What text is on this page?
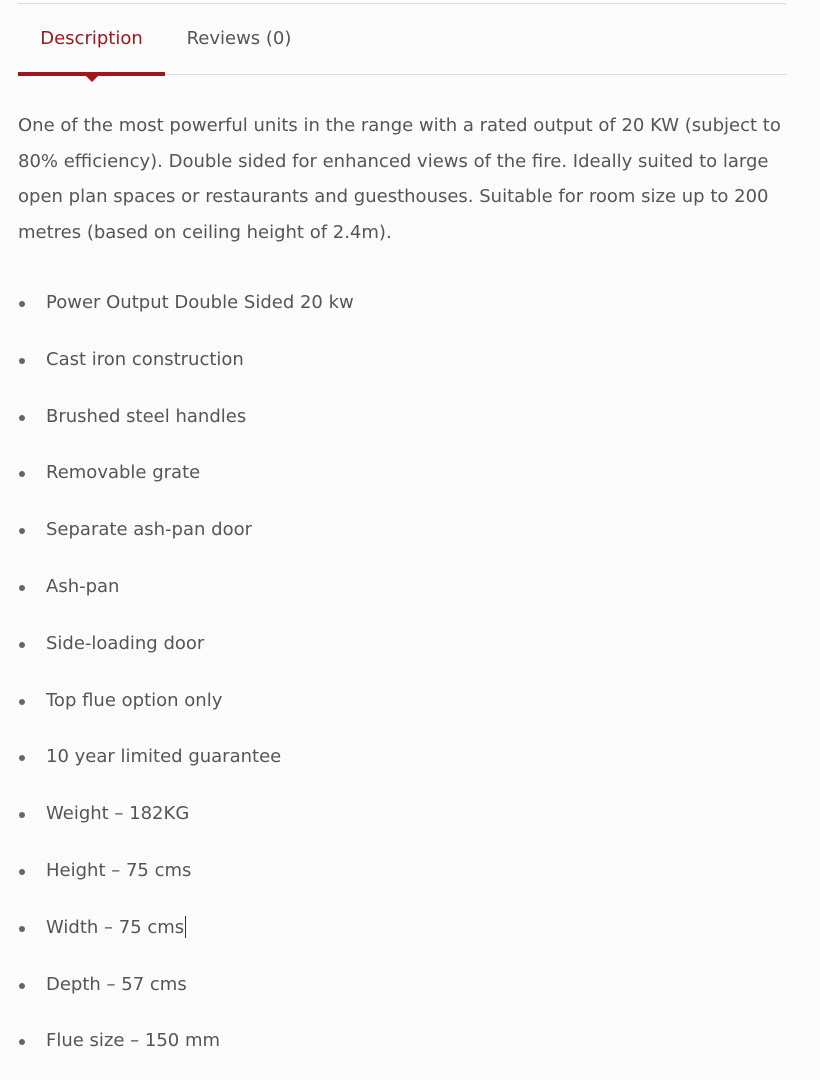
Description	Reviews (0)

One of the most powerful units in the range with a rated output of 20 KW (subject to 80% efficiency). Double sided for enhanced views of the fire. Ideally suited to large open plan spaces or restaurants and guesthouses. Suitable for room size up to 200 metres (based on ceiling height of 2.4m).

Power Output Double Sided 20 kw
Cast iron construction
Brushed steel handles
Removable grate
Separate ash-pan door
Ash-pan
Side-loading door
Top flue option only
10 year limited guarantee
Weight – 182KG
Height – 75 cms
Width – 75 cms
Depth – 57 cms
Flue size – 150 mm
